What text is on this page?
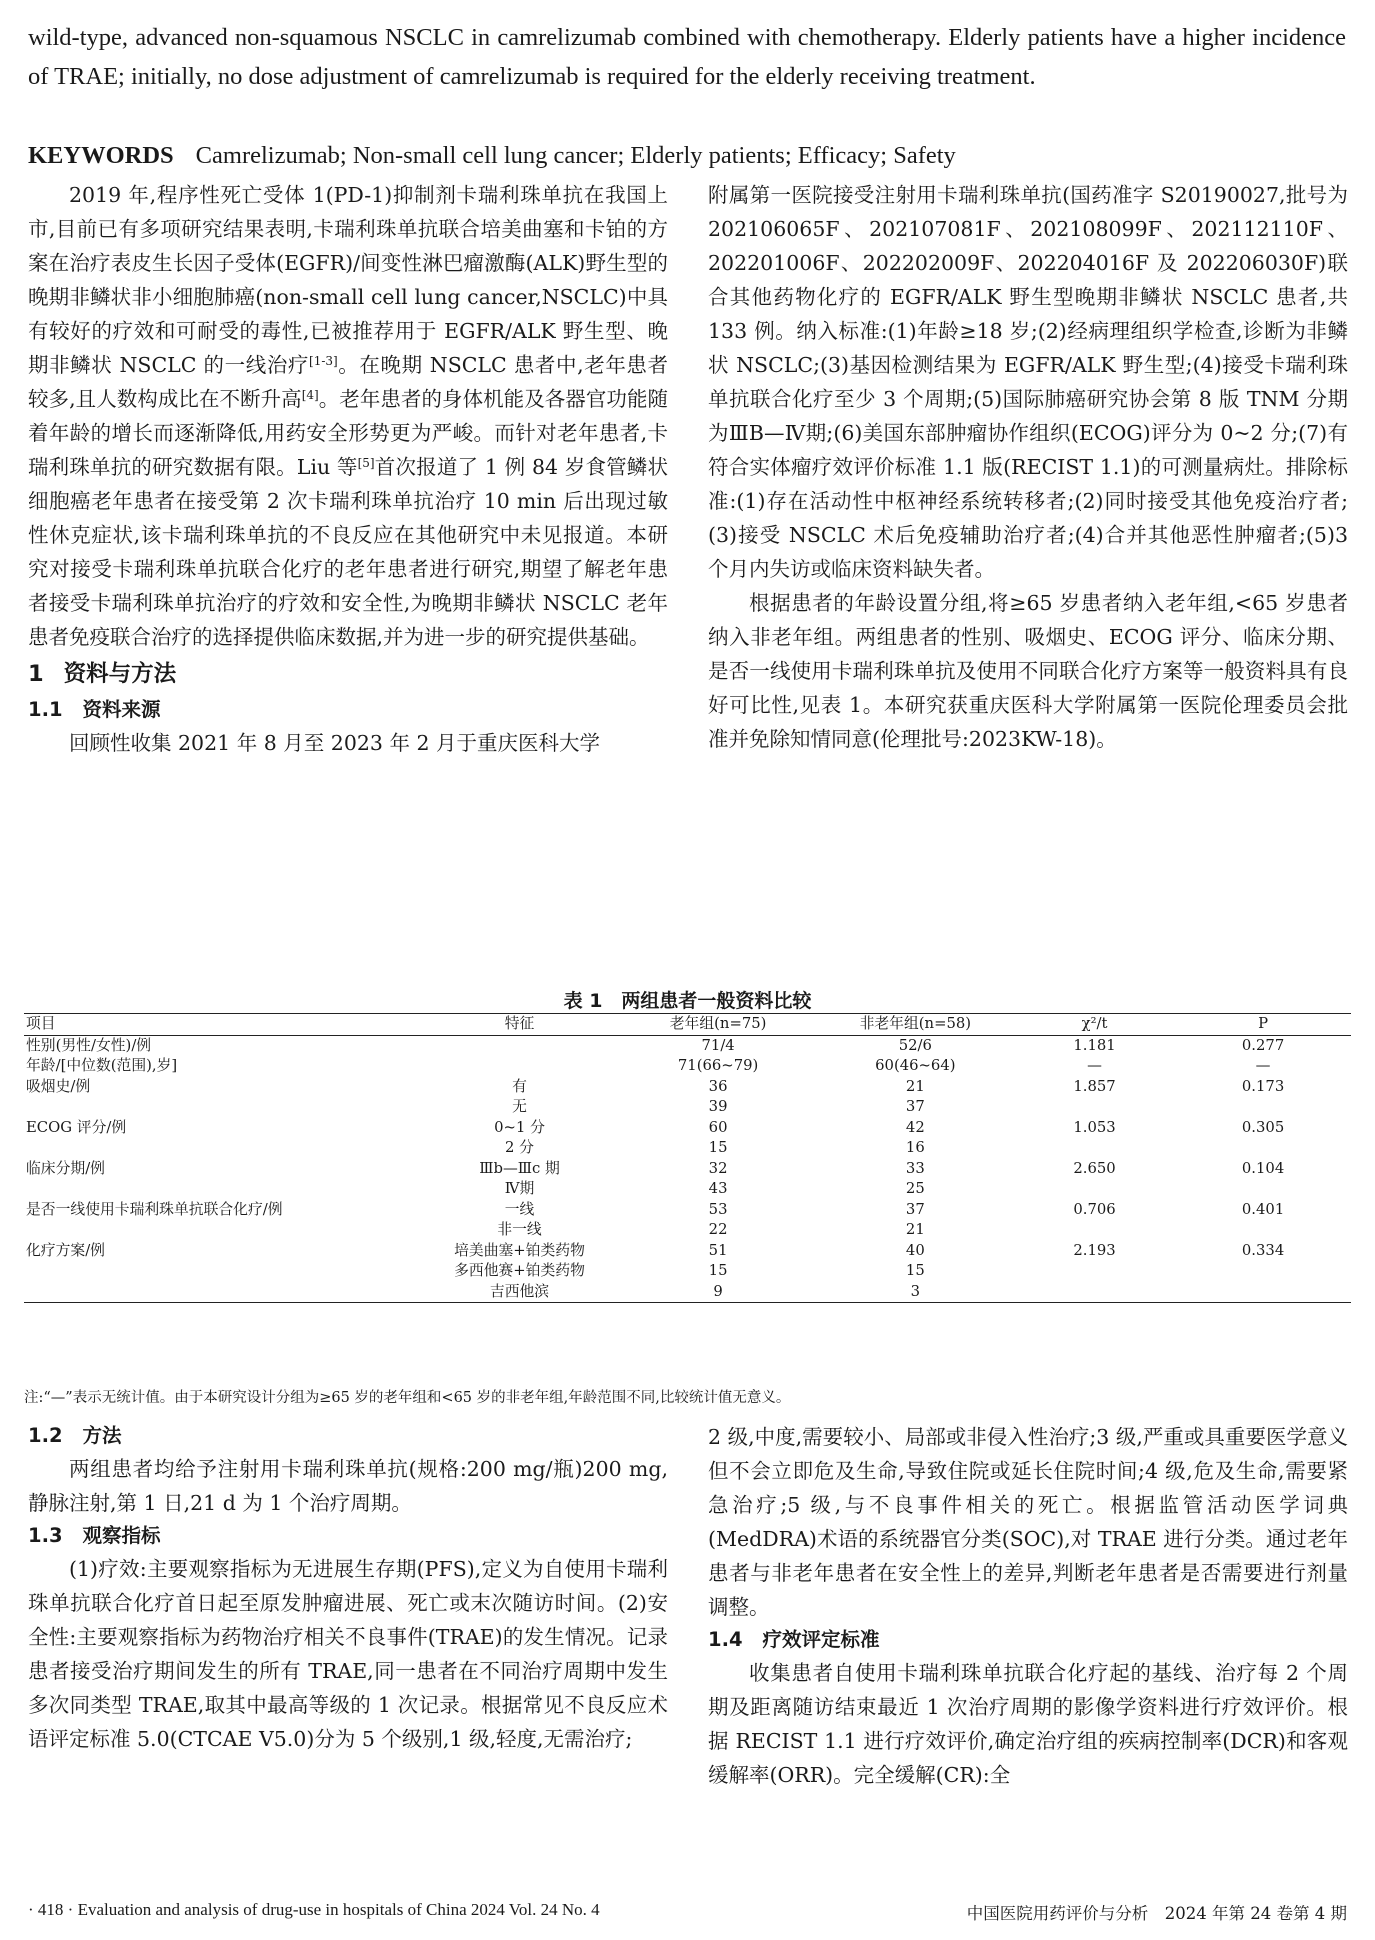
wild-type, advanced non-squamous NSCLC in camrelizumab combined with chemotherapy. Elderly patients have a higher incidence of TRAE; initially, no dose adjustment of camrelizumab is required for the elderly receiving treatment.
KEYWORDS Camrelizumab; Non-small cell lung cancer; Elderly patients; Efficacy; Safety

2019 年,程序性死亡受体 1(PD-1)抑制剂卡瑞利珠单抗在我国上市,目前已有多项研究结果表明,卡瑞利珠单抗联合培美曲塞和卡铂的方案在治疗表皮生长因子受体(EGFR)/间变性淋巴瘤激酶(ALK)野生型的晚期非鳞状非小细胞肺癌(non-small cell lung cancer,NSCLC)中具有较好的疗效和可耐受的毒性,已被推荐用于 EGFR/ALK 野生型、晚期非鳞状 NSCLC 的一线治疗[1-3]。在晚期 NSCLC 患者中,老年患者较多,且人数构成比在不断升高[4]。老年患者的身体机能及各器官功能随着年龄的增长而逐渐降低,用药安全形势更为严峻。而针对老年患者,卡瑞利珠单抗的研究数据有限。Liu 等[5]首次报道了 1 例 84 岁食管鳞状细胞癌老年患者在接受第 2 次卡瑞利珠单抗治疗 10 min 后出现过敏性休克症状,该卡瑞利珠单抗的不良反应在其他研究中未见报道。本研究对接受卡瑞利珠单抗联合化疗的老年患者进行研究,期望了解老年患者接受卡瑞利珠单抗治疗的疗效和安全性,为晚期非鳞状 NSCLC 老年患者免疫联合治疗的选择提供临床数据,并为进一步的研究提供基础。

1 资料与方法
1.1 资料来源

回顾性收集 2021 年 8 月至 2023 年 2 月于重庆医科大学

附属第一医院接受注射用卡瑞利珠单抗(国药准字 S20190027,批号为 202106065F、202107081F、202108099F、202112110F、202201006F、202202009F、202204016F 及 202206030F)联合其他药物化疗的 EGFR/ALK 野生型晚期非鳞状 NSCLC 患者,共 133 例。纳入标准:(1)年龄≥18 岁;(2)经病理组织学检查,诊断为非鳞状 NSCLC;(3)基因检测结果为 EGFR/ALK 野生型;(4)接受卡瑞利珠单抗联合化疗至少 3 个周期;(5)国际肺癌研究协会第 8 版 TNM 分期为ⅢB—Ⅳ期;(6)美国东部肿瘤协作组织(ECOG)评分为 0~2 分;(7)有符合实体瘤疗效评价标准 1.1 版(RECIST 1.1)的可测量病灶。排除标准:(1)存在活动性中枢神经系统转移者;(2)同时接受其他免疫治疗者;(3)接受 NSCLC 术后免疫辅助治疗者;(4)合并其他恶性肿瘤者;(5)3 个月内失访或临床资料缺失者。

根据患者的年龄设置分组,将≥65 岁患者纳入老年组,<65 岁患者纳入非老年组。两组患者的性别、吸烟史、ECOG 评分、临床分期、是否一线使用卡瑞利珠单抗及使用不同联合化疗方案等一般资料具有良好可比性,见表 1。本研究获重庆医科大学附属第一医院伦理委员会批准并免除知情同意(伦理批号:2023KW-18)。

表 1　两组患者一般资料比较
项目	特征	老年组(n=75)	非老年组(n=58)	χ²/t	P
性别(男性/女性)/例		71/4	52/6	1.181	0.277
年龄/[中位数(范围),岁]		71(66~79)	60(46~64)	—	—
吸烟史/例	有	36	21	1.857	0.173
	无	39	37		
ECOG 评分/例	0~1 分	60	42	1.053	0.305
	2 分	15	16		
临床分期/例	Ⅲb—Ⅲc 期	32	33	2.650	0.104
	Ⅳ期	43	25		
是否一线使用卡瑞利珠单抗联合化疗/例	一线	53	37	0.706	0.401
	非一线	22	21		
化疗方案/例	培美曲塞+铂类药物	51	40	2.193	0.334
	多西他赛+铂类药物	15	15		
	吉西他滨	9	3		
注:“—”表示无统计值。由于本研究设计分组为≥65 岁的老年组和<65 岁的非老年组,年龄范围不同,比较统计值无意义。
1.2 方法

两组患者均给予注射用卡瑞利珠单抗(规格:200 mg/瓶)200 mg,静脉注射,第 1 日,21 d 为 1 个治疗周期。

1.3 观察指标

(1)疗效:主要观察指标为无进展生存期(PFS),定义为自使用卡瑞利珠单抗联合化疗首日起至原发肿瘤进展、死亡或末次随访时间。(2)安全性:主要观察指标为药物治疗相关不良事件(TRAE)的发生情况。记录患者接受治疗期间发生的所有 TRAE,同一患者在不同治疗周期中发生多次同类型 TRAE,取其中最高等级的 1 次记录。根据常见不良反应术语评定标准 5.0(CTCAE V5.0)分为 5 个级别,1 级,轻度,无需治疗;

2 级,中度,需要较小、局部或非侵入性治疗;3 级,严重或具重要医学意义但不会立即危及生命,导致住院或延长住院时间;4 级,危及生命,需要紧急治疗;5 级,与不良事件相关的死亡。根据监管活动医学词典(MedDRA)术语的系统器官分类(SOC),对 TRAE 进行分类。通过老年患者与非老年患者在安全性上的差异,判断老年患者是否需要进行剂量调整。

1.4 疗效评定标准

收集患者自使用卡瑞利珠单抗联合化疗起的基线、治疗每 2 个周期及距离随访结束最近 1 次治疗周期的影像学资料进行疗效评价。根据 RECIST 1.1 进行疗效评价,确定治疗组的疾病控制率(DCR)和客观缓解率(ORR)。完全缓解(CR):全

· 418 · Evaluation and analysis of drug-use in hospitals of China 2024 Vol. 24 No. 4	中国医院用药评价与分析　2024 年第 24 卷第 4 期
